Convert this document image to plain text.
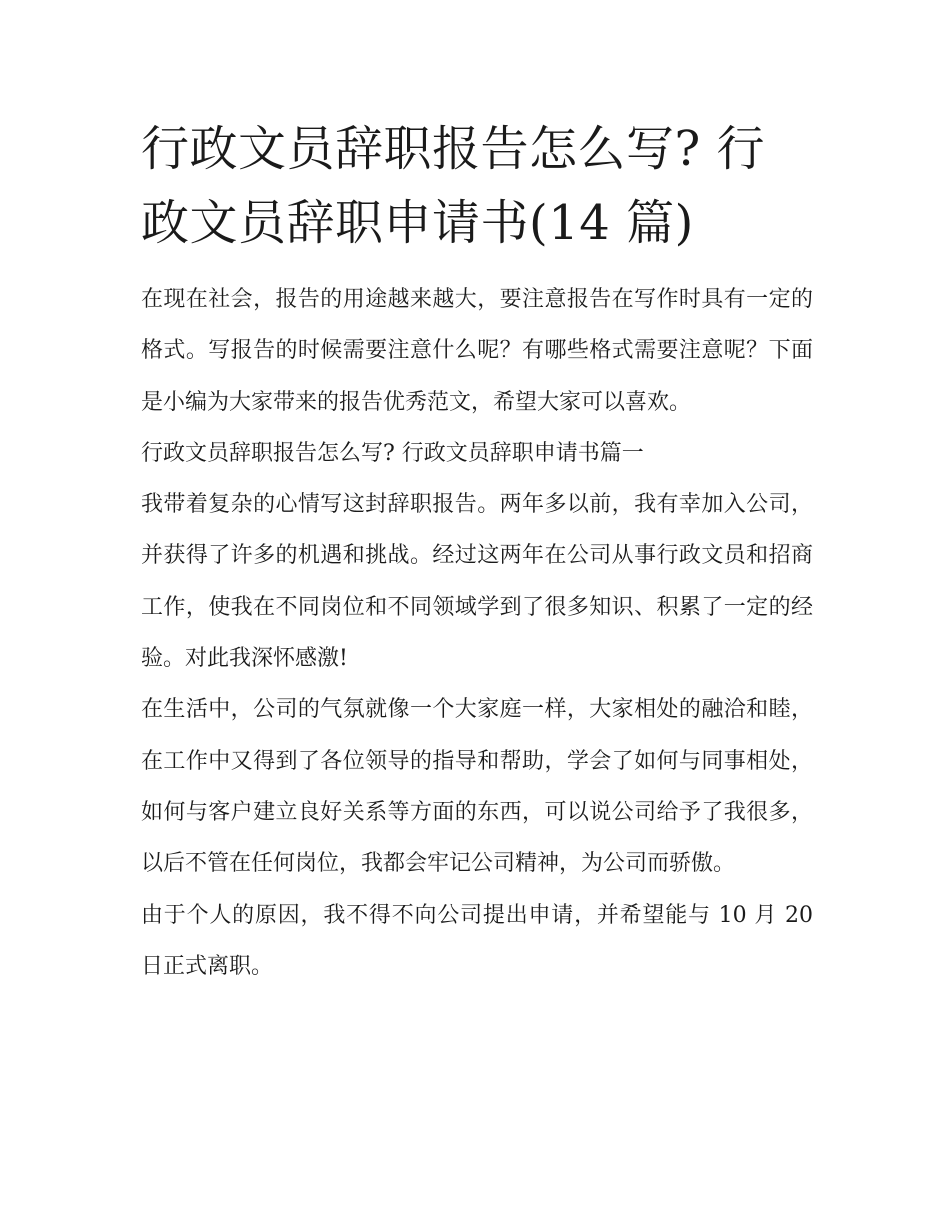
行政文员辞职报告怎么写? 行政文员辞职申请书(14 篇)

在现在社会，报告的用途越来越大，要注意报告在写作时具有一定的格式。写报告的时候需要注意什么呢？有哪些格式需要注意呢？下面是小编为大家带来的报告优秀范文，希望大家可以喜欢。

行政文员辞职报告怎么写? 行政文员辞职申请书篇一

我带着复杂的心情写这封辞职报告。两年多以前，我有幸加入公司，并获得了许多的机遇和挑战。经过这两年在公司从事行政文员和招商工作，使我在不同岗位和不同领域学到了很多知识、积累了一定的经验。对此我深怀感激!

在生活中，公司的气氛就像一个大家庭一样，大家相处的融洽和睦，在工作中又得到了各位领导的指导和帮助，学会了如何与同事相处，如何与客户建立良好关系等方面的东西，可以说公司给予了我很多，以后不管在任何岗位，我都会牢记公司精神，为公司而骄傲。

由于个人的原因，我不得不向公司提出申请，并希望能与 10 月 20 日正式离职。
